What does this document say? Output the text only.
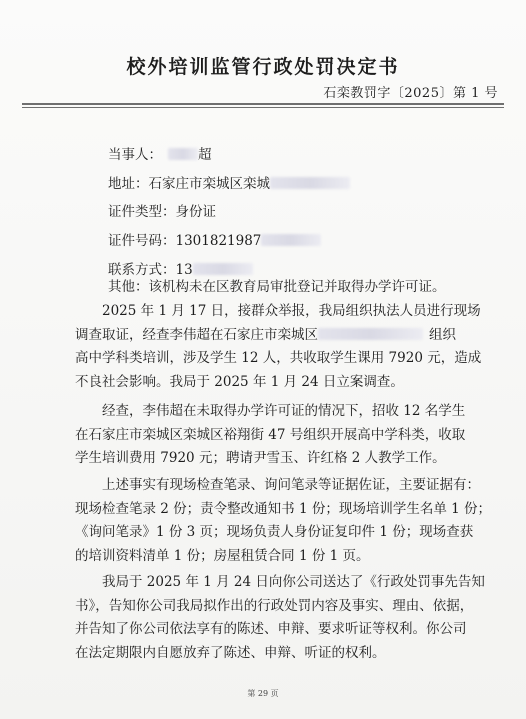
校外培训监管行政处罚决定书
石栾教罚字〔2025〕第 1 号
当事人：	超
地址：石家庄市栾城区栾城
证件类型：身份证
证件号码：1301821987
联系方式：13
其他：该机构未在区教育局审批登记并取得办学许可证。
2025 年 1 月 17 日，接群众举报，我局组织执法人员进行现场
调查取证，经查李伟超在石家庄市栾城区	组织
高中学科类培训，涉及学生 12 人，共收取学生课用 7920 元，造成
不良社会影响。我局于 2025 年 1 月 24 日立案调查。
经查，李伟超在未取得办学许可证的情况下，招收 12 名学生
在石家庄市栾城区栾城区裕翔街 47 号组织开展高中学科类，收取
学生培训费用 7920 元；聘请尹雪玉、许红格 2 人教学工作。
上述事实有现场检查笔录、询问笔录等证据佐证，主要证据有：
现场检查笔录 2 份；责令整改通知书 1 份；现场培训学生名单 1 份；
《询问笔录》1 份 3 页；现场负责人身份证复印件 1 份；现场查获
的培训资料清单 1 份；房屋租赁合同 1 份 1 页。
我局于 2025 年 1 月 24 日向你公司送达了《行政处罚事先告知
书》，告知你公司我局拟作出的行政处罚内容及事实、理由、依据，
并告知了你公司依法享有的陈述、申辩、要求听证等权利。你公司
在法定期限内自愿放弃了陈述、申辩、听证的权利。
第 29 页
